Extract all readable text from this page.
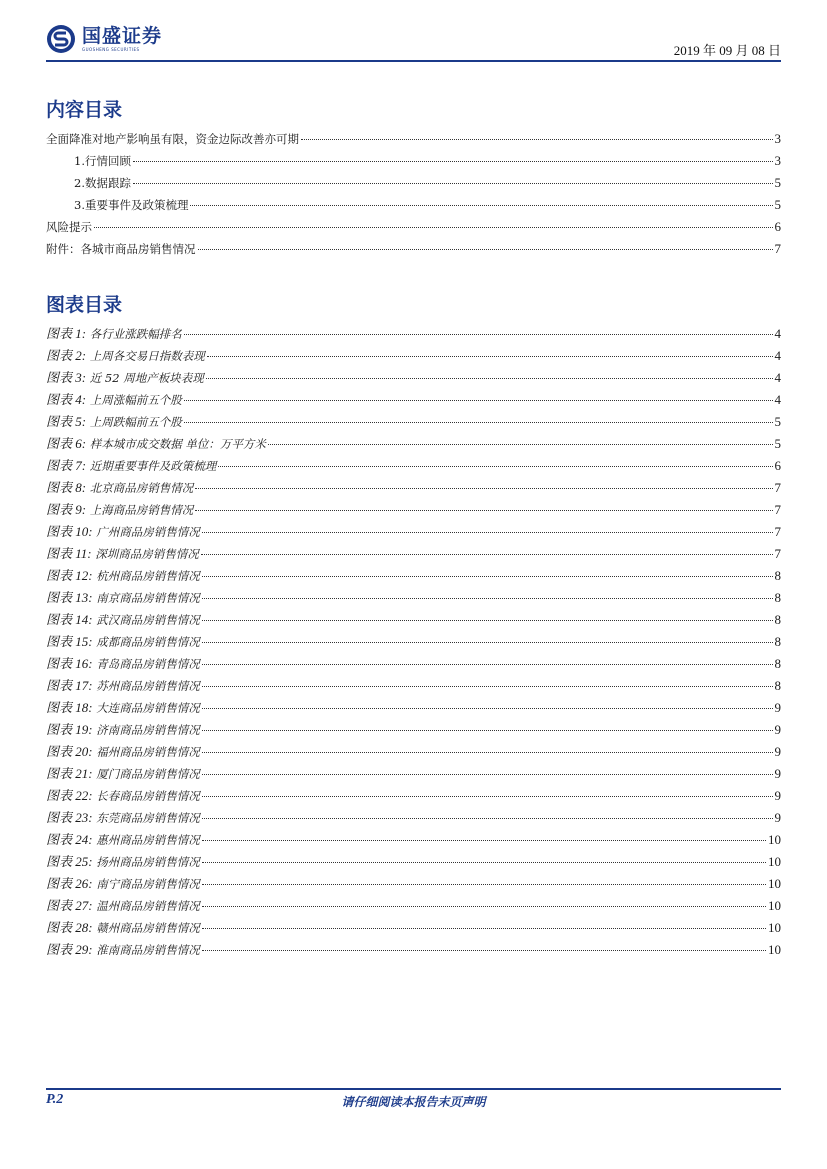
国盛证券
GUOSHENG SECURITIES	2019 年 09 月 08 日
内容目录
全面降准对地产影响虽有限，资金边际改善亦可期	3
1.行情回顾	3
2.数据跟踪	5
3.重要事件及政策梳理	5
风险提示	6
附件：各城市商品房销售情况	7
图表目录
图表 1: 各行业涨跌幅排名	4
图表 2: 上周各交易日指数表现	4
图表 3: 近 52 周地产板块表现	4
图表 4: 上周涨幅前五个股	4
图表 5: 上周跌幅前五个股	5
图表 6: 样本城市成交数据 单位：万平方米	5
图表 7: 近期重要事件及政策梳理	6
图表 8: 北京商品房销售情况	7
图表 9: 上海商品房销售情况	7
图表 10: 广州商品房销售情况	7
图表 11: 深圳商品房销售情况	7
图表 12: 杭州商品房销售情况	8
图表 13: 南京商品房销售情况	8
图表 14: 武汉商品房销售情况	8
图表 15: 成都商品房销售情况	8
图表 16: 青岛商品房销售情况	8
图表 17: 苏州商品房销售情况	8
图表 18: 大连商品房销售情况	9
图表 19: 济南商品房销售情况	9
图表 20: 福州商品房销售情况	9
图表 21: 厦门商品房销售情况	9
图表 22: 长春商品房销售情况	9
图表 23: 东莞商品房销售情况	9
图表 24: 惠州商品房销售情况	10
图表 25: 扬州商品房销售情况	10
图表 26: 南宁商品房销售情况	10
图表 27: 温州商品房销售情况	10
图表 28: 赣州商品房销售情况	10
图表 29: 淮南商品房销售情况	10
P.2	请仔细阅读本报告末页声明
